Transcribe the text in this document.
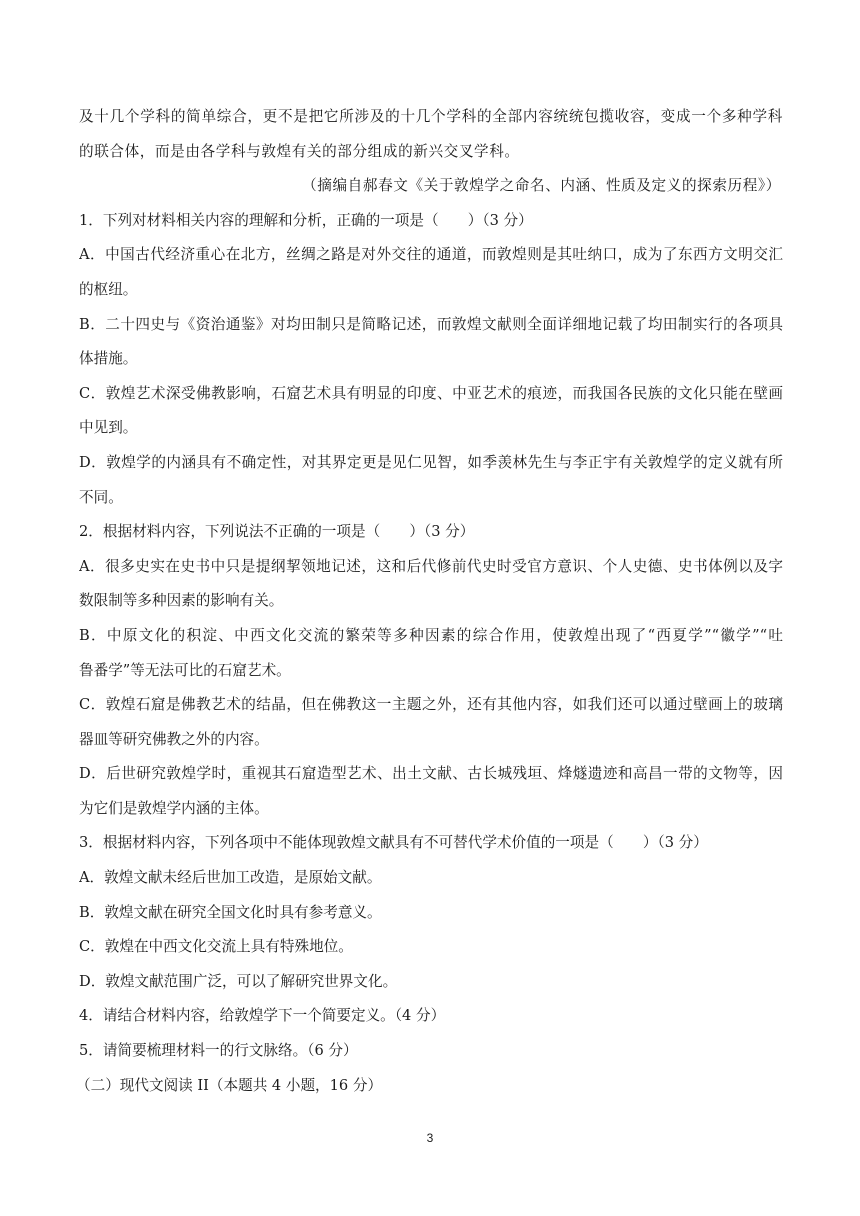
及十几个学科的简单综合，更不是把它所涉及的十几个学科的全部内容统统包揽收容，变成一个多种学科
的联合体，而是由各学科与敦煌有关的部分组成的新兴交叉学科。
（摘编自郝春文《关于敦煌学之命名、内涵、性质及定义的探索历程》）
1．下列对材料相关内容的理解和分析，正确的一项是（　　）（3 分）
A．中国古代经济重心在北方，丝绸之路是对外交往的通道，而敦煌则是其吐纳口，成为了东西方文明交汇
的枢纽。
B．二十四史与《资治通鉴》对均田制只是简略记述，而敦煌文献则全面详细地记载了均田制实行的各项具
体措施。
C．敦煌艺术深受佛教影响，石窟艺术具有明显的印度、中亚艺术的痕迹，而我国各民族的文化只能在壁画
中见到。
D．敦煌学的内涵具有不确定性，对其界定更是见仁见智，如季羡林先生与李正宇有关敦煌学的定义就有所
不同。
2．根据材料内容，下列说法不正确的一项是（　　）（3 分）
A．很多史实在史书中只是提纲挈领地记述，这和后代修前代史时受官方意识、个人史德、史书体例以及字
数限制等多种因素的影响有关。
B．中原文化的积淀、中西文化交流的繁荣等多种因素的综合作用，使敦煌出现了“西夏学”“徽学”“吐
鲁番学”等无法可比的石窟艺术。
C．敦煌石窟是佛教艺术的结晶，但在佛教这一主题之外，还有其他内容，如我们还可以通过壁画上的玻璃
器皿等研究佛教之外的内容。
D．后世研究敦煌学时，重视其石窟造型艺术、出土文献、古长城残垣、烽燧遗迹和高昌一带的文物等，因
为它们是敦煌学内涵的主体。
3．根据材料内容，下列各项中不能体现敦煌文献具有不可替代学术价值的一项是（　　）（3 分）
A．敦煌文献未经后世加工改造，是原始文献。
B．敦煌文献在研究全国文化时具有参考意义。
C．敦煌在中西文化交流上具有特殊地位。
D．敦煌文献范围广泛，可以了解研究世界文化。
4．请结合材料内容，给敦煌学下一个简要定义。（4 分）
5．请简要梳理材料一的行文脉络。（6 分）
（二）现代文阅读 II（本题共 4 小题，16 分）
3
